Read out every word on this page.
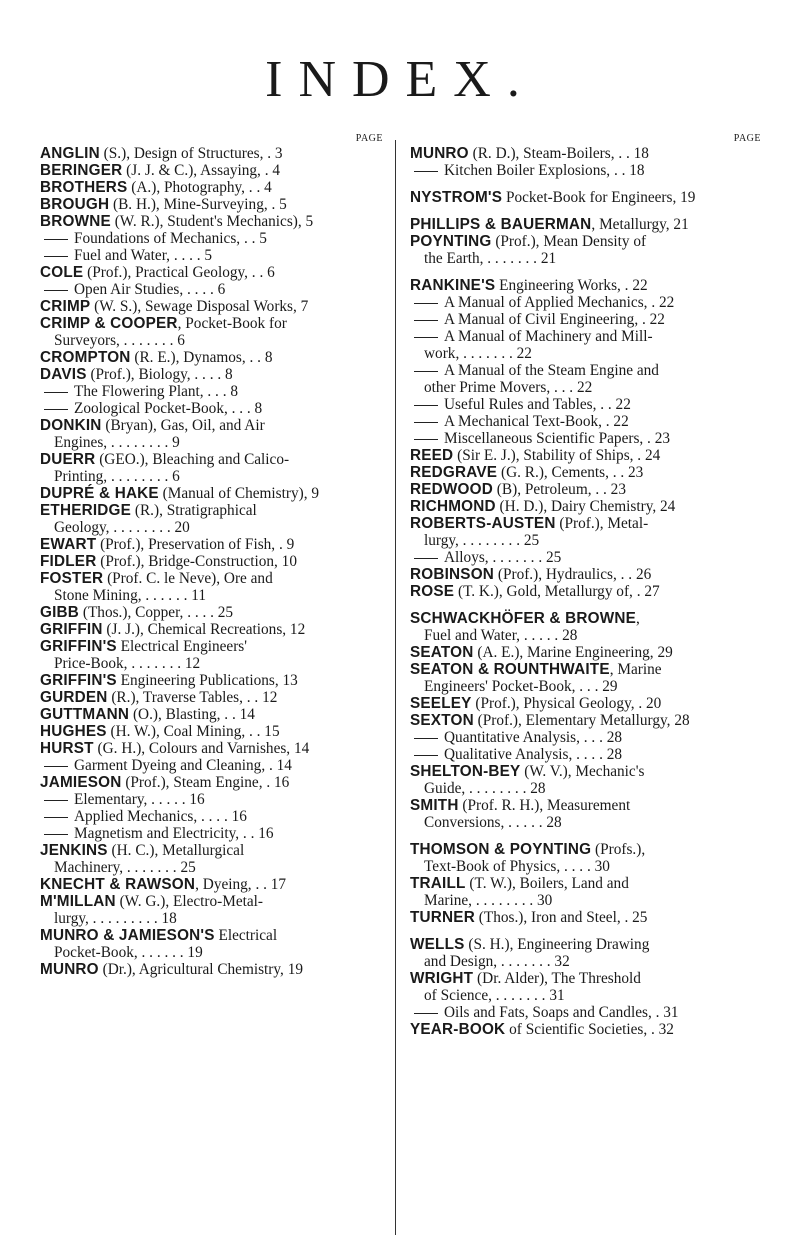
INDEX.
PAGE
ANGLIN (S.), Design of Structures, . 3
BERINGER (J. J. & C.), Assaying, . 4
BROTHERS (A.), Photography, . . 4
BROUGH (B. H.), Mine-Surveying, . 5
BROWNE (W. R.), Student's Mechanics), 5
Foundations of Mechanics, . . 5
Fuel and Water, . . . . 5
COLE (Prof.), Practical Geology, . . 6
Open Air Studies, . . . . 6
CRIMP (W. S.), Sewage Disposal Works, 7
CRIMP & COOPER, Pocket-Book for
Surveyors, . . . . . . . 6
CROMPTON (R. E.), Dynamos, . . 8
DAVIS (Prof.), Biology, . . . . 8
The Flowering Plant, . . . 8
Zoological Pocket-Book, . . . 8
DONKIN (Bryan), Gas, Oil, and Air
Engines, . . . . . . . . 9
DUERR (GEO.), Bleaching and Calico-
Printing, . . . . . . . . 6
DUPRÉ & HAKE (Manual of Chemistry), 9
ETHERIDGE (R.), Stratigraphical
Geology, . . . . . . . . 20
EWART (Prof.), Preservation of Fish, . 9
FIDLER (Prof.), Bridge-Construction, 10
FOSTER (Prof. C. le Neve), Ore and
Stone Mining, . . . . . . 11
GIBB (Thos.), Copper, . . . . 25
GRIFFIN (J. J.), Chemical Recreations, 12
GRIFFIN'S Electrical Engineers'
Price-Book, . . . . . . . 12
GRIFFIN'S Engineering Publications, 13
GURDEN (R.), Traverse Tables, . . 12
GUTTMANN (O.), Blasting, . . 14
HUGHES (H. W.), Coal Mining, . . 15
HURST (G. H.), Colours and Varnishes, 14
Garment Dyeing and Cleaning, . 14
JAMIESON (Prof.), Steam Engine, . 16
Elementary, . . . . . 16
Applied Mechanics, . . . . 16
Magnetism and Electricity, . . 16
JENKINS (H. C.), Metallurgical
Machinery, . . . . . . . 25
KNECHT & RAWSON, Dyeing, . . 17
M'MILLAN (W. G.), Electro-Metal-
lurgy, . . . . . . . . . 18
MUNRO & JAMIESON'S Electrical
Pocket-Book, . . . . . . 19
MUNRO (Dr.), Agricultural Chemistry, 19
PAGE
MUNRO (R. D.), Steam-Boilers, . . 18
Kitchen Boiler Explosions, . . 18
NYSTROM'S Pocket-Book for Engineers, 19
PHILLIPS & BAUERMAN, Metallurgy, 21
POYNTING (Prof.), Mean Density of
the Earth, . . . . . . . 21
RANKINE'S Engineering Works, . 22
A Manual of Applied Mechanics, . 22
A Manual of Civil Engineering, . 22
A Manual of Machinery and Mill-
work, . . . . . . . 22
A Manual of the Steam Engine and
other Prime Movers, . . . 22
Useful Rules and Tables, . . 22
A Mechanical Text-Book, . 22
Miscellaneous Scientific Papers, . 23
REED (Sir E. J.), Stability of Ships, . 24
REDGRAVE (G. R.), Cements, . . 23
REDWOOD (B), Petroleum, . . 23
RICHMOND (H. D.), Dairy Chemistry, 24
ROBERTS-AUSTEN (Prof.), Metal-
lurgy, . . . . . . . . 25
Alloys, . . . . . . . 25
ROBINSON (Prof.), Hydraulics, . . 26
ROSE (T. K.), Gold, Metallurgy of, . 27
SCHWACKHÖFER & BROWNE,
Fuel and Water, . . . . . 28
SEATON (A. E.), Marine Engineering, 29
SEATON & ROUNTHWAITE, Marine
Engineers' Pocket-Book, . . . 29
SEELEY (Prof.), Physical Geology, . 20
SEXTON (Prof.), Elementary Metallurgy, 28
Quantitative Analysis, . . . 28
Qualitative Analysis, . . . . 28
SHELTON-BEY (W. V.), Mechanic's
Guide, . . . . . . . . 28
SMITH (Prof. R. H.), Measurement
Conversions, . . . . . 28
THOMSON & POYNTING (Profs.),
Text-Book of Physics, . . . . 30
TRAILL (T. W.), Boilers, Land and
Marine, . . . . . . . . 30
TURNER (Thos.), Iron and Steel, . 25
WELLS (S. H.), Engineering Drawing
and Design, . . . . . . . 32
WRIGHT (Dr. Alder), The Threshold
of Science, . . . . . . . 31
Oils and Fats, Soaps and Candles, . 31
YEAR-BOOK of Scientific Societies, . 32
